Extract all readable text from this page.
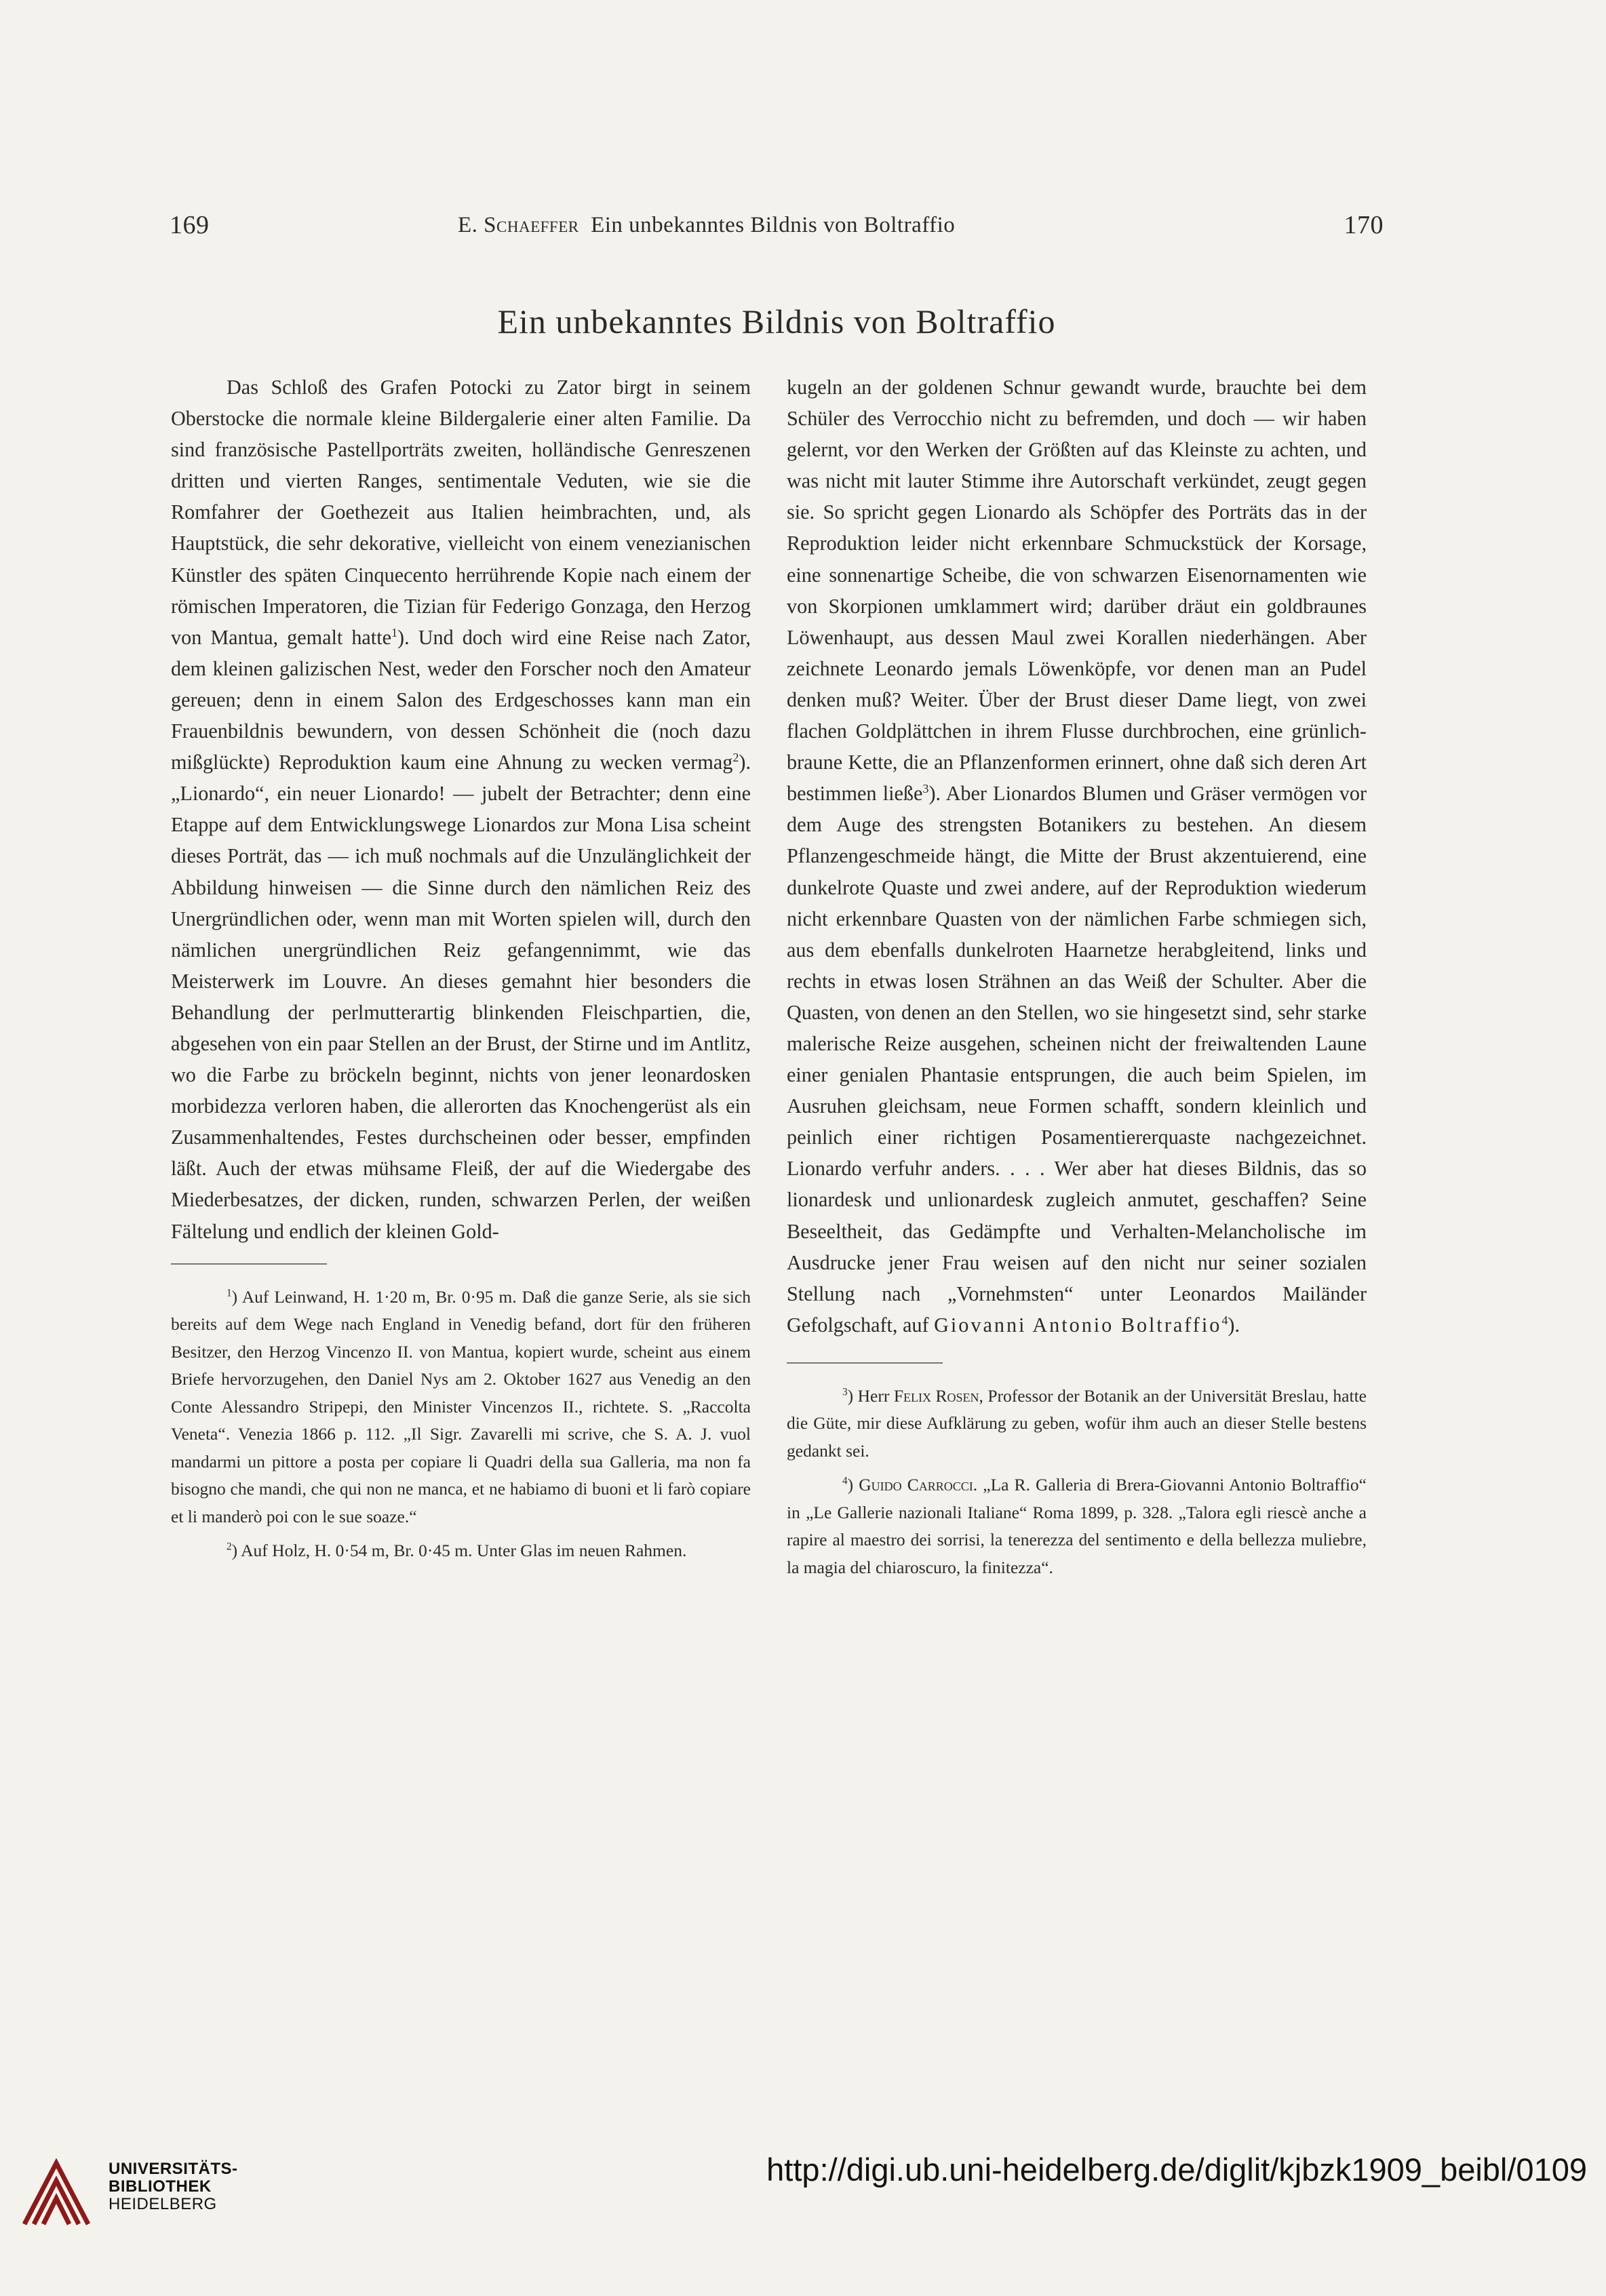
169	E. Schaeffer Ein unbekanntes Bildnis von Boltraffio	170
Ein unbekanntes Bildnis von Boltraffio

Das Schloß des Grafen Potocki zu Zator birgt in seinem Oberstocke die normale kleine Bildergalerie einer alten Familie. Da sind französische Pastellporträts zweiten, holländische Genreszenen dritten und vierten Ranges, sentimentale Veduten, wie sie die Romfahrer der Goethezeit aus Italien heimbrachten, und, als Hauptstück, die sehr dekorative, vielleicht von einem venezianischen Künstler des späten Cinquecento herrührende Kopie nach einem der römischen Imperatoren, die Tizian für Federigo Gonzaga, den Herzog von Mantua, gemalt hatte$^1$). Und doch wird eine Reise nach Zator, dem kleinen galizischen Nest, weder den Forscher noch den Amateur gereuen; denn in einem Salon des Erdgeschosses kann man ein Frauenbildnis bewundern, von dessen Schönheit die (noch dazu mißglückte) Reproduktion kaum eine Ahnung zu wecken vermag$^2$). „Lionardo“, ein neuer Lionardo! — jubelt der Betrachter; denn eine Etappe auf dem Entwicklungswege Lionardos zur Mona Lisa scheint dieses Porträt, das — ich muß nochmals auf die Unzulänglichkeit der Abbildung hinweisen — die Sinne durch den nämlichen Reiz des Unergründlichen oder, wenn man mit Worten spielen will, durch den nämlichen unergründlichen Reiz gefangennimmt, wie das Meisterwerk im Louvre. An dieses gemahnt hier besonders die Behandlung der perlmutterartig blinkenden Fleischpartien, die, abgesehen von ein paar Stellen an der Brust, der Stirne und im Antlitz, wo die Farbe zu bröckeln beginnt, nichts von jener leonardosken morbidezza verloren haben, die allerorten das Knochengerüst als ein Zusammenhaltendes, Festes durchscheinen oder besser, empfinden läßt. Auch der etwas mühsame Fleiß, der auf die Wiedergabe des Miederbesatzes, der dicken, runden, schwarzen Perlen, der weißen Fältelung und endlich der kleinen Gold-

$^1$) Auf Leinwand, H. 1·20 m, Br. 0·95 m. Daß die ganze Serie, als sie sich bereits auf dem Wege nach England in Venedig befand, dort für den früheren Besitzer, den Herzog Vincenzo II. von Mantua, kopiert wurde, scheint aus einem Briefe hervorzugehen, den Daniel Nys am 2. Oktober 1627 aus Venedig an den Conte Alessandro Stripepi, den Minister Vincenzos II., richtete. S. „Raccolta Veneta“. Venezia 1866 p. 112. „Il Sigr. Zavarelli mi scrive, che S. A. J. vuol mandarmi un pittore a posta per copiare li Quadri della sua Galleria, ma non fa bisogno che mandi, che qui non ne manca, et ne habiamo di buoni et li farò copiare et li manderò poi con le sue soaze.“

$^2$) Auf Holz, H. 0·54 m, Br. 0·45 m. Unter Glas im neuen Rahmen.

kugeln an der goldenen Schnur gewandt wurde, brauchte bei dem Schüler des Verrocchio nicht zu befremden, und doch — wir haben gelernt, vor den Werken der Größten auf das Kleinste zu achten, und was nicht mit lauter Stimme ihre Autorschaft verkündet, zeugt gegen sie. So spricht gegen Lionardo als Schöpfer des Porträts das in der Reproduktion leider nicht erkennbare Schmuckstück der Korsage, eine sonnenartige Scheibe, die von schwarzen Eisenornamenten wie von Skorpionen umklammert wird; darüber dräut ein goldbraunes Löwenhaupt, aus dessen Maul zwei Korallen niederhängen. Aber zeichnete Leonardo jemals Löwenköpfe, vor denen man an Pudel denken muß? Weiter. Über der Brust dieser Dame liegt, von zwei flachen Goldplättchen in ihrem Flusse durchbrochen, eine grünlich-braune Kette, die an Pflanzenformen erinnert, ohne daß sich deren Art bestimmen ließe$^3$). Aber Lionardos Blumen und Gräser vermögen vor dem Auge des strengsten Botanikers zu bestehen. An diesem Pflanzengeschmeide hängt, die Mitte der Brust akzentuierend, eine dunkelrote Quaste und zwei andere, auf der Reproduktion wiederum nicht erkennbare Quasten von der nämlichen Farbe schmiegen sich, aus dem ebenfalls dunkelroten Haarnetze herabgleitend, links und rechts in etwas losen Strähnen an das Weiß der Schulter. Aber die Quasten, von denen an den Stellen, wo sie hingesetzt sind, sehr starke malerische Reize ausgehen, scheinen nicht der freiwaltenden Laune einer genialen Phantasie entsprungen, die auch beim Spielen, im Ausruhen gleichsam, neue Formen schafft, sondern kleinlich und peinlich einer richtigen Posamentiererquaste nachgezeichnet. Lionardo verfuhr anders. . . . Wer aber hat dieses Bildnis, das so lionardesk und unlionardesk zugleich anmutet, geschaffen? Seine Beseeltheit, das Gedämpfte und Verhalten-Melancholische im Ausdrucke jener Frau weisen auf den nicht nur seiner sozialen Stellung nach „Vornehmsten“ unter Leonardos Mailänder Gefolgschaft, auf Giovanni Antonio Boltraffio$^4$).

$^3$) Herr Felix Rosen, Professor der Botanik an der Universität Breslau, hatte die Güte, mir diese Aufklärung zu geben, wofür ihm auch an dieser Stelle bestens gedankt sei.

$^4$) Guido Carrocci. „La R. Galleria di Brera-Giovanni Antonio Boltraffio“ in „Le Gallerie nazionali Italiane“ Roma 1899, p. 328. „Talora egli riescè anche a rapire al maestro dei sorrisi, la tenerezza del sentimento e della bellezza muliebre, la magia del chiaroscuro, la finitezza“.

UNIVERSITÄTS-
BIBLIOTHEK
HEIDELBERG
http://digi.ub.uni-heidelberg.de/diglit/kjbzk1909_beibl/0109
